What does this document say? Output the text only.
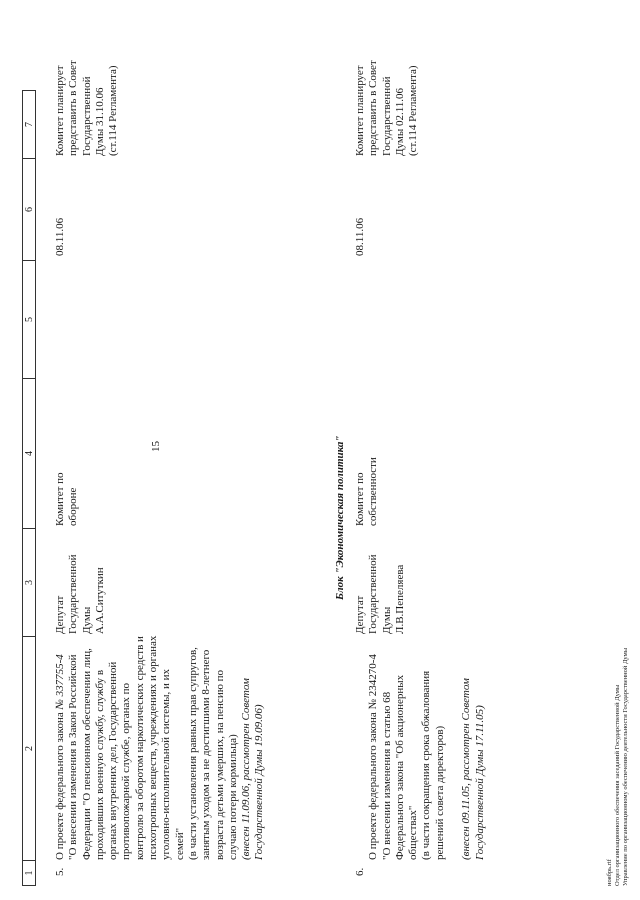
15
1
2
3
4
5
6
7
5.
О проекте федерального закона № 337755-4 "О внесении изменения в Закон Российской Федерации "О пенсионном обеспечении лиц, проходивших военную службу, службу в органах внутренних дел, Государственной противопожарной службе, органах по контролю за оборотом наркотических средств и психотропных веществ, учреждениях и органах уголовно-исполнительной системы, и их семей" (в части установления равных прав супругов, занятым уходом за не достигшими 8-летнего возраста детьми умерших, на пенсию по случаю потери кормильца) (внесен 11.09.06, рассмотрен Советом Государственной Думы 19.09.06)
Депутат
Государственной
Думы
А.А.Ситуткин
Комитет по
обороне
08.11.06
Комитет планирует
представить в Совет
Государственной
Думы 31.10.06
(ст.114 Регламента)
Блок "Экономическая политика"
6.

О проекте федерального закона № 234270-4
"О внесении изменения в статью 68
Федерального закона "Об акционерных
обществах"
(в части сокращения срока обжалования
решений совета директоров) (внесен 09.11.05, рассмотрен Советом Государственной Думы 17.11.05)

Депутат
Государственной
Думы
Л.В.Пепеляева
Комитет по
собственности
08.11.06
Комитет планирует
представить в Совет
Государственной
Думы 02.11.06
(ст.114 Регламента)
ноябрь.rtf Отдел организационного обеспечения заседаний Государственной Думы Управление по организационному обеспечению деятельности Государственной Думы
